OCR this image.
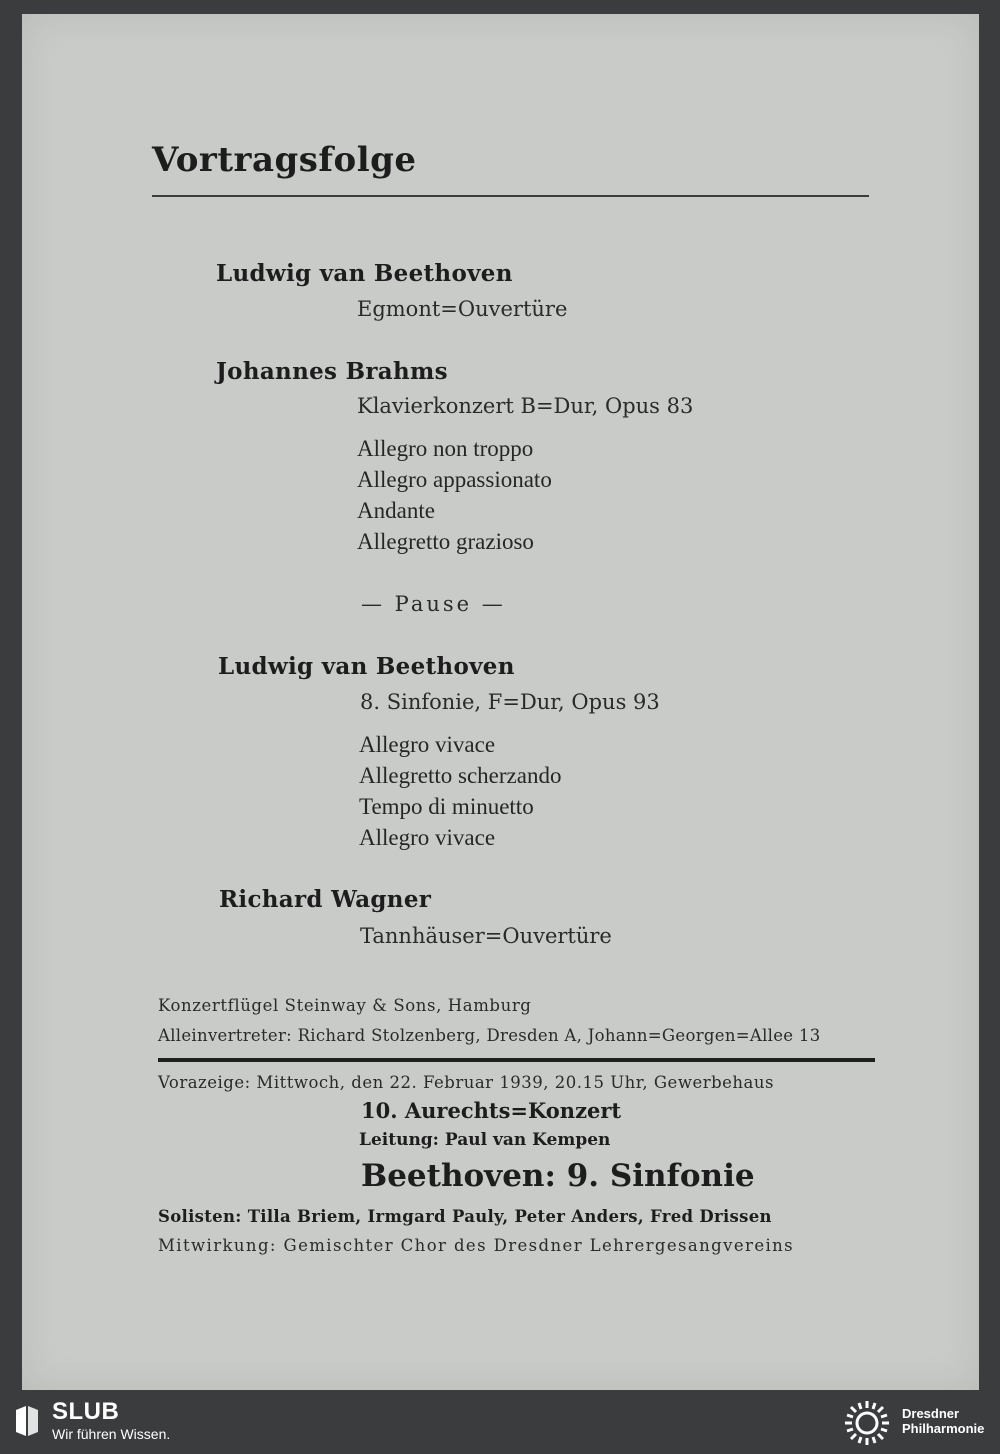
Vortragsfolge
Ludwig van Beethoven
Egmont=Ouvertüre
Johannes Brahms
Klavierkonzert B=Dur, Opus 83
Allegro non troppo
Allegro appassionato
Andante
Allegretto grazioso
— Pause —
Ludwig van Beethoven
8. Sinfonie, F=Dur, Opus 93
Allegro vivace
Allegretto scherzando
Tempo di minuetto
Allegro vivace
Richard Wagner
Tannhäuser=Ouvertüre
Konzertflügel Steinway & Sons, Hamburg
Alleinvertreter: Richard Stolzenberg, Dresden A, Johann=Georgen=Allee 13
Vorazeige: Mittwoch, den 22. Februar 1939, 20.15 Uhr, Gewerbehaus
10. Aurechts=Konzert
Leitung: Paul van Kempen
Beethoven: 9. Sinfonie
Solisten: Tilla Briem, Irmgard Pauly, Peter Anders, Fred Drissen
Mitwirkung: Gemischter Chor des Dresdner Lehrergesangvereins
SLUB
Wir führen Wissen.
Dresdner Philharmonie
